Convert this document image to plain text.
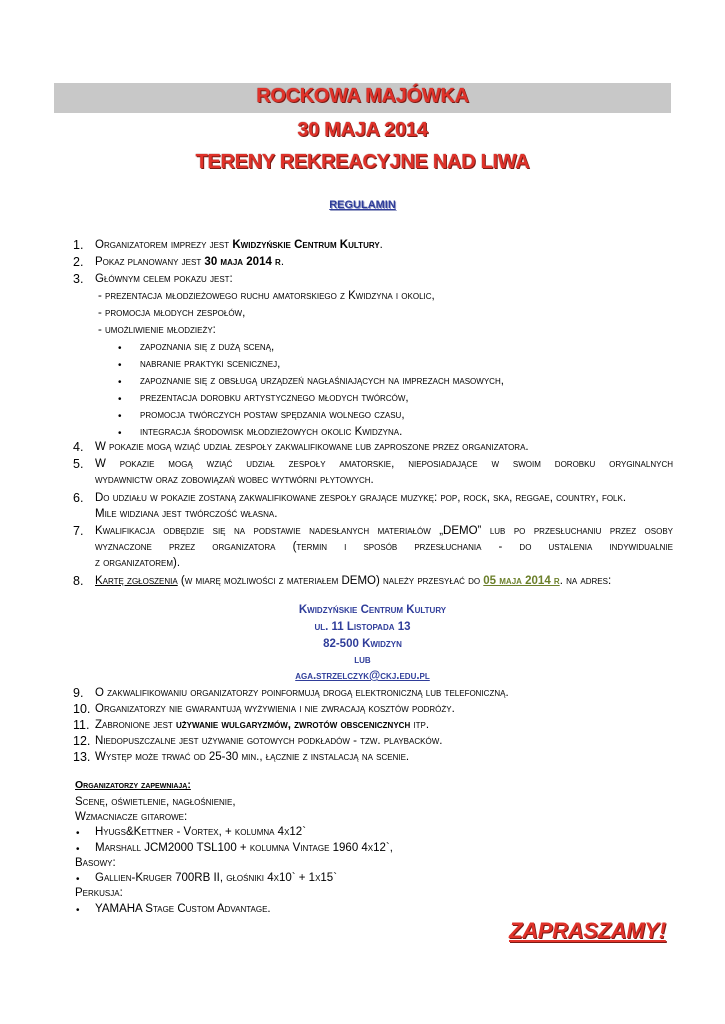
ROCKOWA MAJÓWKA
30 MAJA 2014
TERENY REKREACYJNE NAD LIWA
REGULAMIN
1. Organizatorem imprezy jest Kwidzyńskie Centrum Kultury.
2. Pokaz planowany jest 30 maja 2014 r.
3. Głównym celem pokazu jest:
- prezentacja młodzieżowego ruchu amatorskiego z Kwidzyna i okolic,
- promocja młodych zespołów,
- umożliwienie młodzieży:
• zapoznania się z dużą sceną,
• nabranie praktyki scenicznej,
• zapoznanie się z obsługą urządzeń nagłaśniających na imprezach masowych,
• prezentacja dorobku artystycznego młodych twórców,
• promocja twórczych postaw spędzania wolnego czasu,
• integracja środowisk młodzieżowych okolic Kwidzyna.
4. W pokazie mogą wziąć udział zespoły zakwalifikowane lub zaproszone przez organizatora.
5. W pokazie mogą wziąć udział zespoły amatorskie, nieposiadające w swoim dorobku oryginalnych
wydawnictw oraz zobowiązań wobec wytwórni płytowych.
6. Do udziału w pokazie zostaną zakwalifikowane zespoły grające muzykę: pop, rock, ska, reggae, country, folk.
Mile widziana jest twórczość własna.
7. Kwalifikacja odbędzie się na podstawie nadesłanych materiałów „DEMO” lub po przesłuchaniu przez osoby
wyznaczone przez organizatora (termin i sposób przesłuchania - do ustalenia indywidualnie
z organizatorem).
8. Kartę zgłoszenia (w miarę możliwości z materiałem DEMO) należy przesyłać do 05 maja 2014 r. na adres:
Kwidzyńskie Centrum Kultury
ul. 11 Listopada 13
82-500 Kwidzyn
lub
aga.strzelczyk@ckj.edu.pl
9. O zakwalifikowaniu organizatorzy poinformują drogą elektroniczną lub telefoniczną.
10. Organizatorzy nie gwarantują wyżywienia i nie zwracają kosztów podróży.
11. Zabronione jest używanie wulgaryzmów, zwrotów obscenicznych itp.
12. Niedopuszczalne jest używanie gotowych podkładów - tzw. playbacków.
13. Występ może trwać od 25-30 min., łącznie z instalacją na scenie.
Organizatorzy zapewniają:
Scenę, oświetlenie, nagłośnienie,
Wzmacniacze gitarowe:
• Hyugs&Kettner - Vortex, + kolumna 4x12`
• Marshall JCM2000 TSL100 + kolumna Vintage 1960 4x12`,
Basowy:
• Gallien-Kruger 700RB II, głośniki 4x10` + 1x15`
Perkusja:
• YAMAHA Stage Custom Advantage.
ZAPRASZAMY!
